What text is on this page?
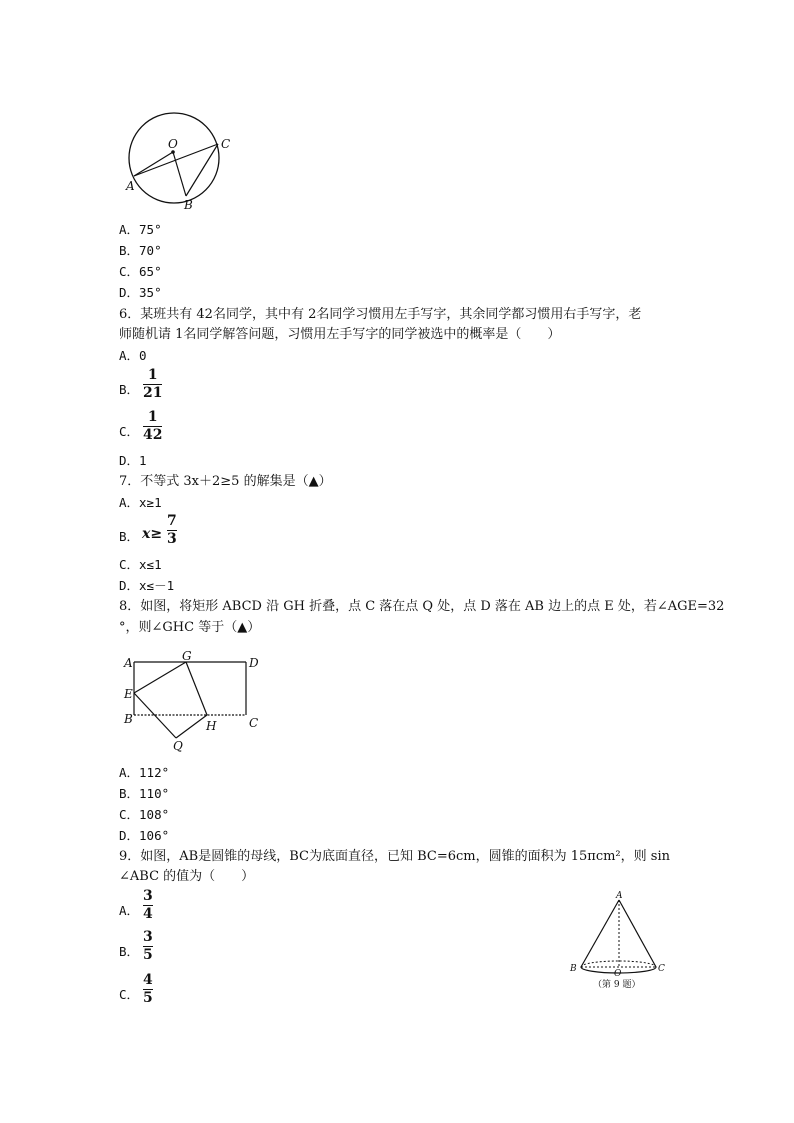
O	C
A
B
A．75°
B．70°
C．65°
D．35°
6．某班共有 42名同学，其中有 2名同学习惯用左手写字，其余同学都习惯用右手写字，老
师随机请 1名同学解答问题，习惯用左手写字的同学被选中的概率是（　　）
A．0
B．
1
21
C．
1
42
D．1
7．不等式 3x＋2≥5 的解集是（▲）
A．x≥1
B． x≥
7
3
C．x≤1
D．x≤－1
8．如图，将矩形 ABCD 沿 GH 折叠，点 C 落在点 Q 处，点 D 落在 AB 边上的点 E 处，若∠AGE=32
°，则∠GHC 等于（▲）
A	G	D
E
B	H	C
Q
A．112°
B．110°
C．108°
D．106°
9．如图，AB是圆锥的母线，BC为底面直径，已知 BC=6cm，圆锥的面积为 15πcm²，则 sin
∠ABC 的值为（　　）
A．
3
4
B．
3
5
C．
4
5
A
B	O	C
（第 9 题）
